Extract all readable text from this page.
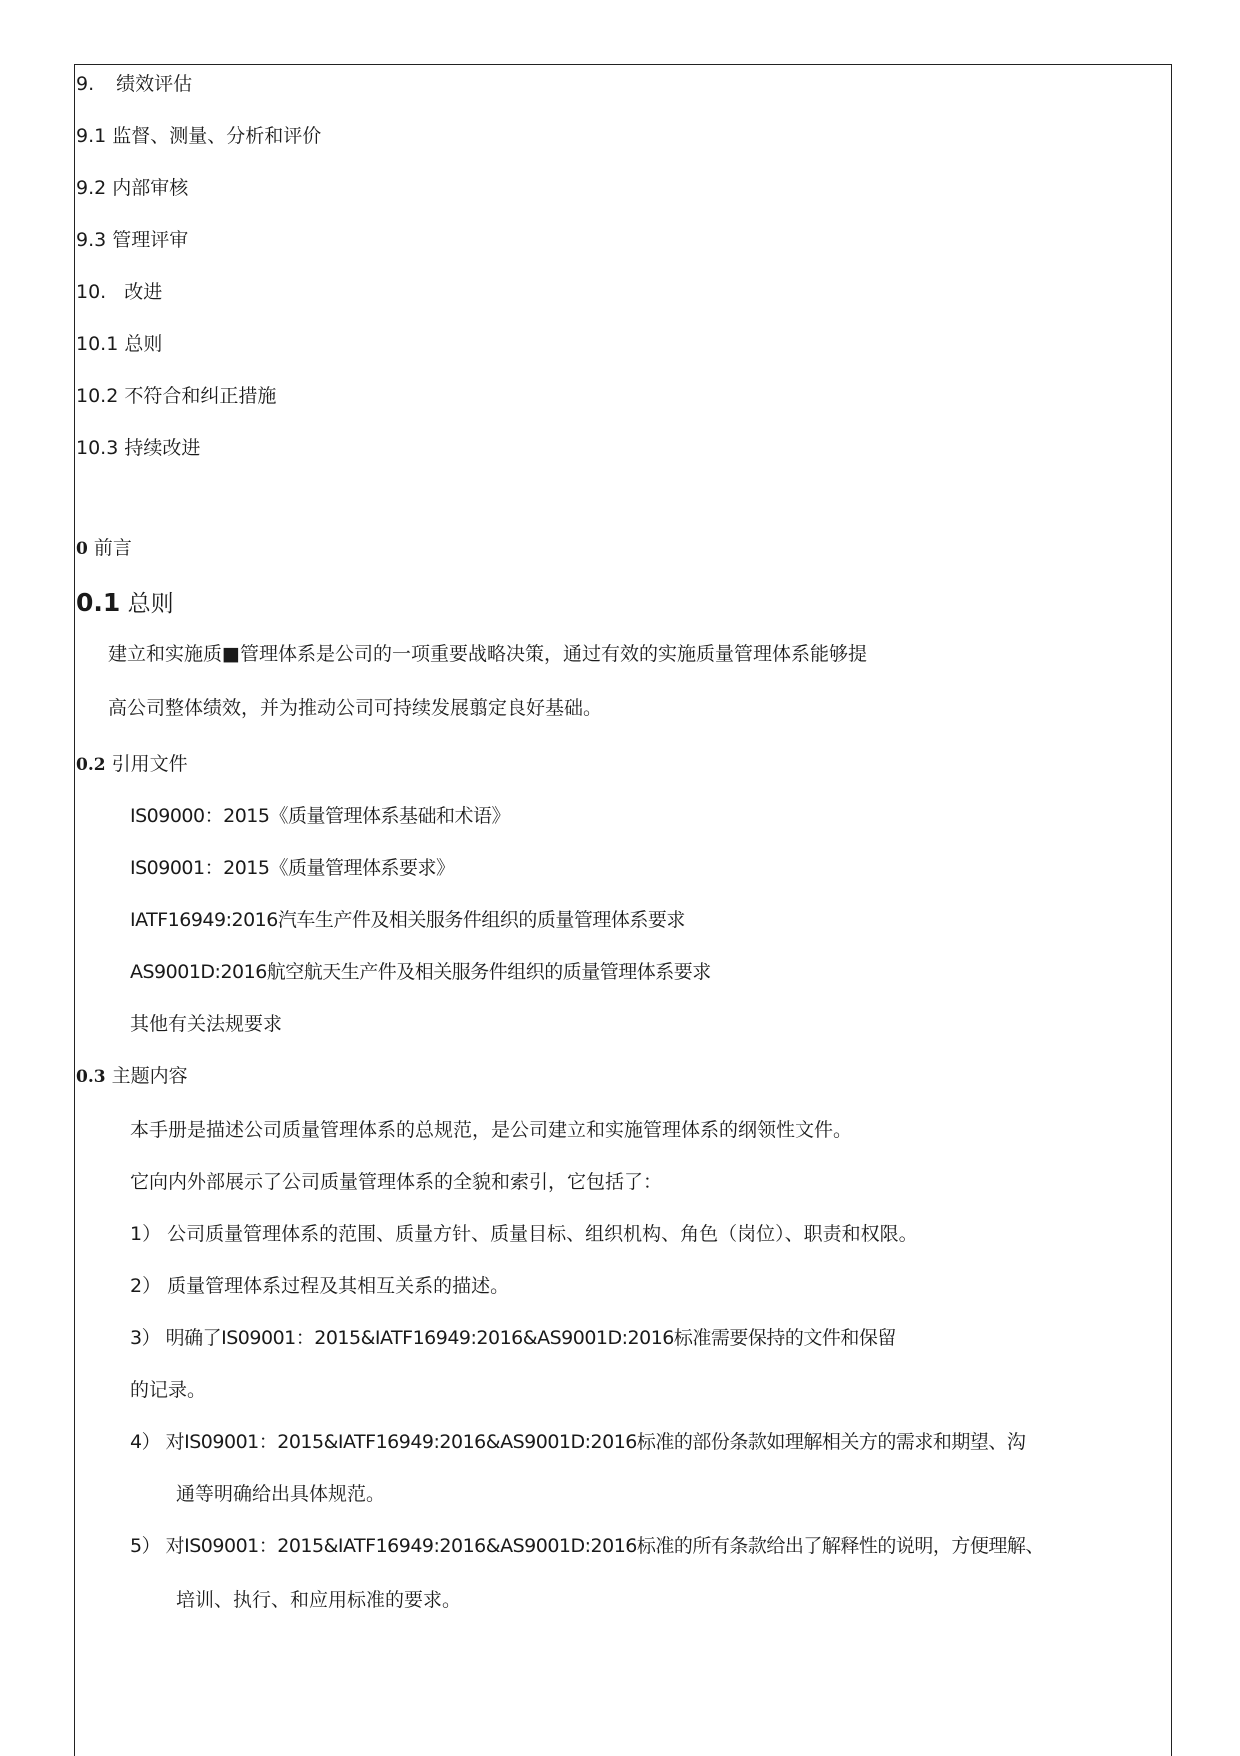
9. 绩效评估
9.1 监督、测量、分析和评价
9.2 内部审核
9.3 管理评审
10. 改进
10.1 总则
10.2 不符合和纠正措施
10.3 持续改进
0 前言
0.1 总则
建立和实施质■管理体系是公司的一项重要战略决策，通过有效的实施质量管理体系能够提
高公司整体绩效，并为推动公司可持续发展翦定良好基础。
0.2 引用文件
IS09000：2015《质量管理体系基础和术语》
IS09001：2015《质量管理体系要求》
IATF16949:2016汽车生产件及相关服务件组织的质量管理体系要求
AS9001D:2016航空航天生产件及相关服务件组织的质量管理体系要求
其他有关法规要求
0.3 主题内容
本手册是描述公司质量管理体系的总规范，是公司建立和实施管理体系的纲领性文件。
它向内外部展示了公司质量管理体系的全貌和索引，它包括了：
1） 公司质量管理体系的范围、质量方针、质量目标、组织机构、角色（岗位）、职责和权限。
2） 质量管理体系过程及其相互关系的描述。
3） 明确了IS09001：2015&IATF16949:2016&AS9001D:2016标准需要保持的文件和保留
的记录。
4） 对IS09001：2015&IATF16949:2016&AS9001D:2016标准的部份条款如理解相关方的需求和期望、沟
通等明确给出具体规范。
5） 对IS09001：2015&IATF16949:2016&AS9001D:2016标准的所有条款给出了解释性的说明，方便理解、
培训、执行、和应用标准的要求。
